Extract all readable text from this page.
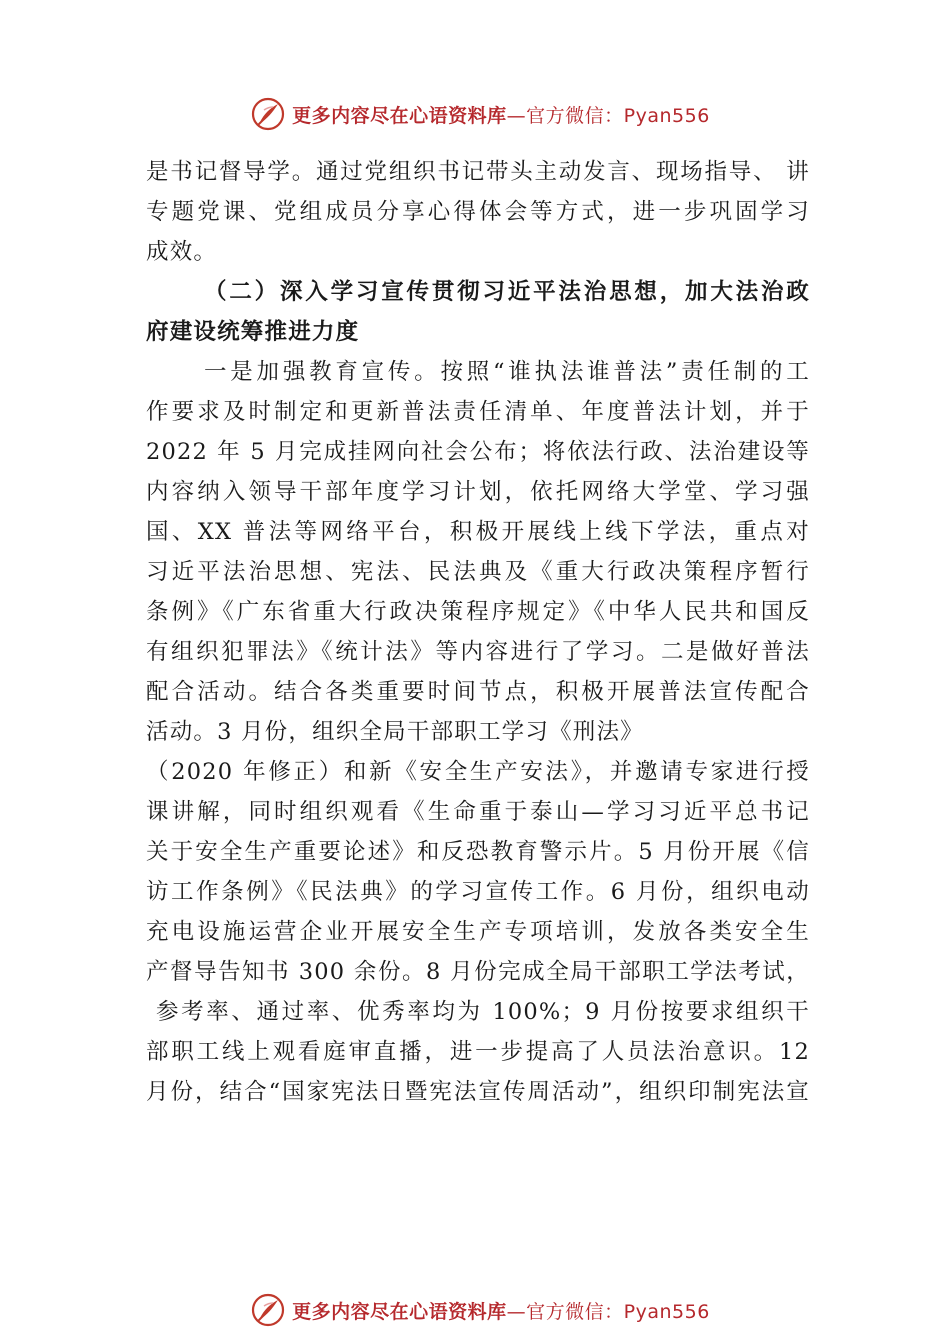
更多内容尽在心语资料库—官方微信：Pyan556
是书记督导学。通过党组织书记带头主动发言、现场指导、 讲
专题党课、党组成员分享心得体会等方式，进一步巩固学习
成效。
（二）深入学习宣传贯彻习近平法治思想，加大法治政
府建设统筹推进力度
一是加强教育宣传。按照“谁执法谁普法”责任制的工
作要求及时制定和更新普法责任清单、年度普法计划，并于
2022 年 5 月完成挂网向社会公布；将依法行政、法治建设等
内容纳入领导干部年度学习计划，依托网络大学堂、学习强
国、XX 普法等网络平台，积极开展线上线下学法，重点对
习近平法治思想、宪法、民法典及《重大行政决策程序暂行
条例》《广东省重大行政决策程序规定》《中华人民共和国反
有组织犯罪法》《统计法》等内容进行了学习。二是做好普法
配合活动。结合各类重要时间节点，积极开展普法宣传配合
活动。3 月份，组织全局干部职工学习《刑法》
（2020 年修正）和新《安全生产安法》，并邀请专家进行授
课讲解，同时组织观看《生命重于泰山—学习习近平总书记
关于安全生产重要论述》和反恐教育警示片。5 月份开展《信
访工作条例》《民法典》的学习宣传工作。6 月份，组织电动
充电设施运营企业开展安全生产专项培训，发放各类安全生
产督导告知书 300 余份。8 月份完成全局干部职工学法考试，
参考率、通过率、优秀率均为 100%；9 月份按要求组织干
部职工线上观看庭审直播，进一步提高了人员法治意识。12
月份，结合“国家宪法日暨宪法宣传周活动”，组织印制宪法宣
更多内容尽在心语资料库—官方微信：Pyan556
